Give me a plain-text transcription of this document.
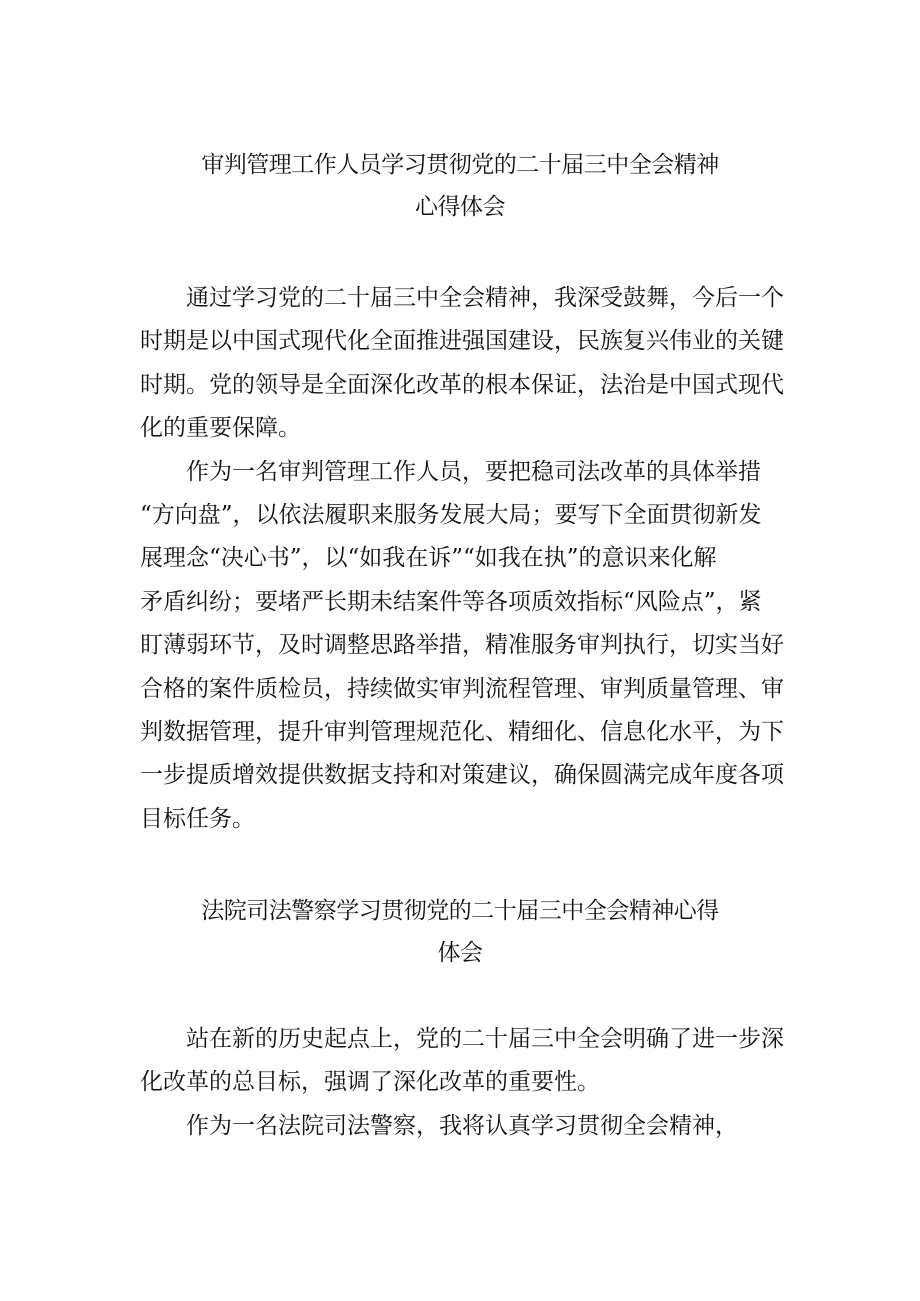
审判管理工作人员学习贯彻党的二十届三中全会精神
心得体会
　　通过学习党的二十届三中全会精神，我深受鼓舞，今后一个
时期是以中国式现代化全面推进强国建设，民族复兴伟业的关键
时期。党的领导是全面深化改革的根本保证，法治是中国式现代
化的重要保障。
　　作为一名审判管理工作人员，要把稳司法改革的具体举措
“方向盘”，以依法履职来服务发展大局；要写下全面贯彻新发
展理念“决心书”，以“如我在诉”“如我在执”的意识来化解
矛盾纠纷；要堵严长期未结案件等各项质效指标“风险点”，紧
盯薄弱环节，及时调整思路举措，精准服务审判执行，切实当好
合格的案件质检员，持续做实审判流程管理、审判质量管理、审
判数据管理，提升审判管理规范化、精细化、信息化水平，为下
一步提质增效提供数据支持和对策建议，确保圆满完成年度各项
目标任务。
法院司法警察学习贯彻党的二十届三中全会精神心得
体会
　　站在新的历史起点上，党的二十届三中全会明确了进一步深
化改革的总目标，强调了深化改革的重要性。
　　作为一名法院司法警察，我将认真学习贯彻全会精神，
